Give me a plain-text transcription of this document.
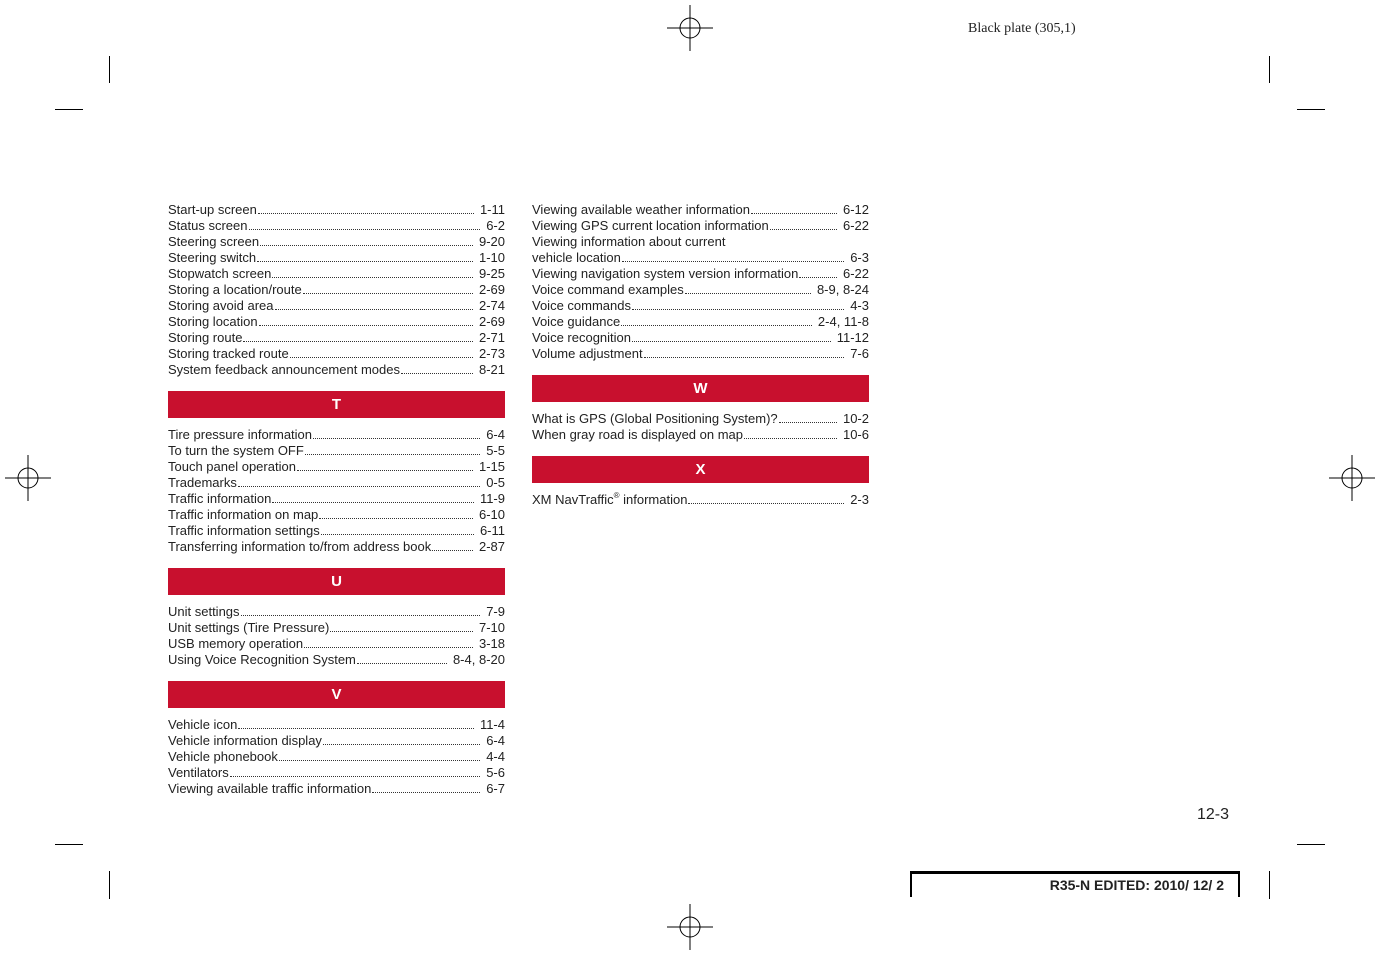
Black plate (305,1)
Start-up screen	1-11
Status screen	6-2
Steering screen	9-20
Steering switch	1-10
Stopwatch screen	9-25
Storing a location/route	2-69
Storing avoid area	2-74
Storing location	2-69
Storing route	2-71
Storing tracked route	2-73
System feedback announcement modes	8-21
T
Tire pressure information	6-4
To turn the system OFF	5-5
Touch panel operation	1-15
Trademarks	0-5
Traffic information	11-9
Traffic information on map	6-10
Traffic information settings	6-11
Transferring information to/from address book	2-87
U
Unit settings	7-9
Unit settings (Tire Pressure)	7-10
USB memory operation	3-18
Using Voice Recognition System	8-4, 8-20
V
Vehicle icon	11-4
Vehicle information display	6-4
Vehicle phonebook	4-4
Ventilators	5-6
Viewing available traffic information	6-7
Viewing available weather information	6-12
Viewing GPS current location information	6-22
Viewing information about current
vehicle location	6-3
Viewing navigation system version information	6-22
Voice command examples	8-9, 8-24
Voice commands	4-3
Voice guidance	2-4, 11-8
Voice recognition	11-12
Volume adjustment	7-6
W
What is GPS (Global Positioning System)?	10-2
When gray road is displayed on map	10-6
X
XM NavTraffic® information	2-3
12-3
R35-N EDITED: 2010/ 12/ 2
